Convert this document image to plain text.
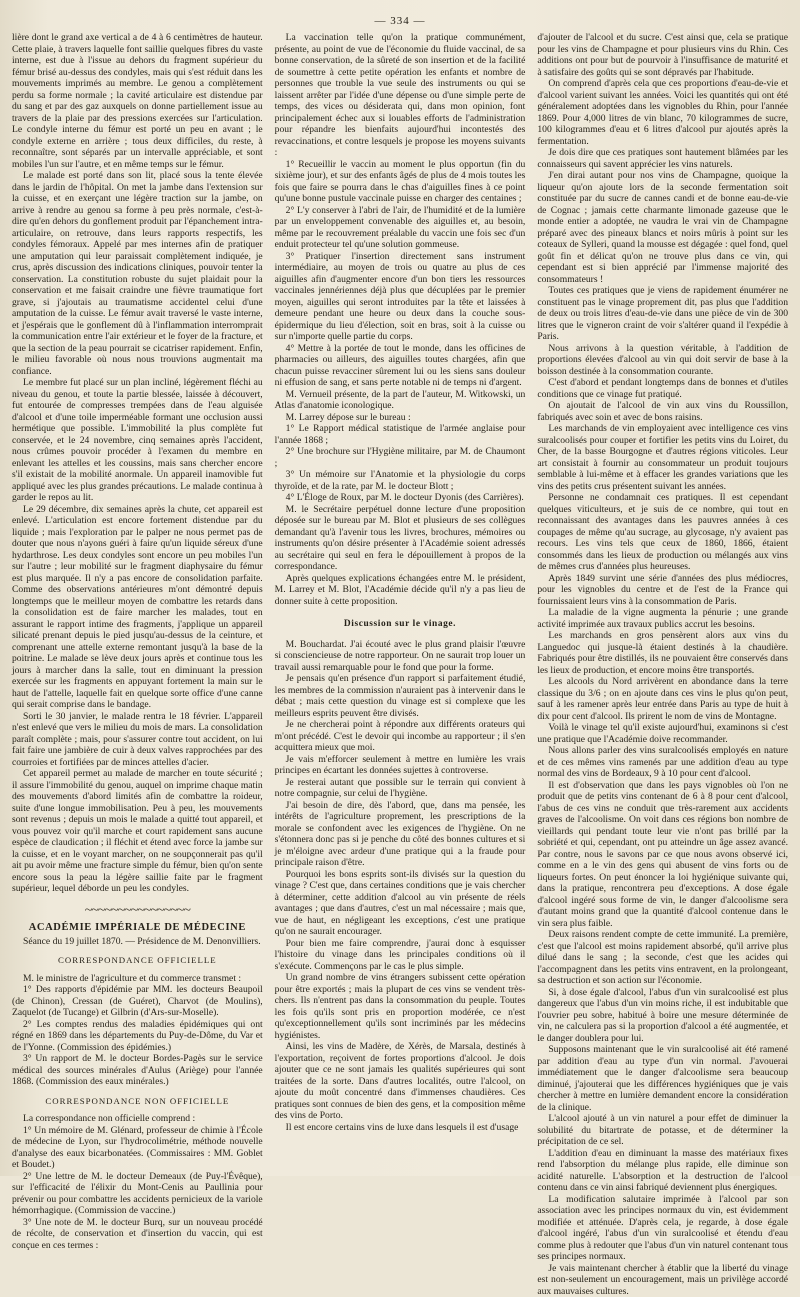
— 334 —

lière dont le grand axe vertical a de 4 à 6 centimètres de hauteur. Cette plaie, à travers laquelle font saillie quelques fibres du vaste interne, est due à l'issue au dehors du fragment supérieur du fémur brisé au-dessus des condyles, mais qui s'est réduit dans les mouvements imprimés au membre. Le genou a complètement perdu sa forme normale ; la cavité articulaire est distendue par du sang et par des gaz auxquels on donne partiellement issue au travers de la plaie par des pressions exercées sur l'articulation. Le condyle interne du fémur est porté un peu en avant ; le condyle externe en arrière ; tous deux difficiles, du reste, à reconnaître, sont séparés par un intervalle appréciable, et sont mobiles l'un sur l'autre, et en même temps sur le fémur.

Le malade est porté dans son lit, placé sous la tente élevée dans le jardin de l'hôpital. On met la jambe dans l'extension sur la cuisse, et en exerçant une légère traction sur la jambe, on arrive à rendre au genou sa forme à peu près normale, c'est-à-dire qu'en dehors du gonflement produit par l'épanchement intra-articulaire, on retrouve, dans leurs rapports respectifs, les condyles fémoraux. Appelé par mes internes afin de pratiquer une amputation qui leur paraissait complètement indiquée, je crus, après discussion des indications cliniques, pouvoir tenter la conservation. La constitution robuste du sujet plaidait pour la conservation et me faisait craindre une fièvre traumatique fort grave, si j'ajoutais au traumatisme accidentel celui d'une amputation de la cuisse. Le fémur avait traversé le vaste interne, et j'espérais que le gonflement dû à l'inflammation interromprait la communication entre l'air extérieur et le foyer de la fracture, et que la section de la peau pourrait se cicatriser rapidement. Enfin, le milieu favorable où nous nous trouvions augmentait ma confiance.

Le membre fut placé sur un plan incliné, légèrement fléchi au niveau du genou, et toute la partie blessée, laissée à découvert, fut entourée de compresses trempées dans de l'eau alguisée d'alcool et d'une toile imperméable formant une occlusion aussi hermétique que possible. L'immobilité la plus complète fut conservée, et le 24 novembre, cinq semaines après l'accident, nous crûmes pouvoir procéder à l'examen du membre en enlevant les attelles et les coussins, mais sans chercher encore s'il existait de la mobilité anormale. Un appareil inamovible fut appliqué avec les plus grandes précautions. Le malade continua à garder le repos au lit.

Le 29 décembre, dix semaines après la chute, cet appareil est enlevé. L'articulation est encore fortement distendue par du liquide ; mais l'exploration par le palper ne nous permet pas de douter que nous n'ayons guéri à faire qu'un liquide séreux d'une hydarthrose. Les deux condyles sont encore un peu mobiles l'un sur l'autre ; leur mobilité sur le fragment diaphysaire du fémur est plus marquée. Il n'y a pas encore de consolidation parfaite. Comme des observations antérieures m'ont démontré depuis longtemps que le meilleur moyen de combattre les retards dans la consolidation est de faire marcher les malades, tout en assurant le rapport intime des fragments, j'applique un appareil silicaté prenant depuis le pied jusqu'au-dessus de la ceinture, et comprenant une attelle externe remontant jusqu'à la base de la poitrine. Le malade se lève deux jours après et continue tous les jours à marcher dans la salle, tout en diminuant la pression exercée sur les fragments en appuyant fortement la main sur le haut de l'attelle, laquelle fait en quelque sorte office d'une canne qui serait comprise dans le bandage.

Sorti le 30 janvier, le malade rentra le 18 février. L'appareil n'est enlevé que vers le milieu du mois de mars. La consolidation paraît complète ; mais, pour s'assurer contre tout accident, on lui fait faire une jambière de cuir à deux valves rapprochées par des courroies et fortifiées par de minces attelles d'acier.

Cet appareil permet au malade de marcher en toute sécurité ; il assure l'immobilité du genou, auquel on imprime chaque matin des mouvements d'abord limités afin de combattre la roideur, suite d'une longue immobilisation. Peu à peu, les mouvements sont revenus ; depuis un mois le malade a quitté tout appareil, et vous pouvez voir qu'il marche et court rapidement sans aucune espèce de claudication ; il fléchit et étend avec force la jambe sur la cuisse, et en le voyant marcher, on ne soupçonnerait pas qu'il ait pu avoir même une fracture simple du fémur, bien qu'on sente encore sous la peau la légère saillie faite par le fragment supérieur, lequel déborde un peu les condyles.

~~~~~~~~~~~~~~~~
ACADÉMIE IMPÉRIALE DE MÉDECINE

Séance du 19 juillet 1870. — Présidence de M. Denonvilliers.

CORRESPONDANCE OFFICIELLE

M. le ministre de l'agriculture et du commerce transmet :

1° Des rapports d'épidémie par MM. les docteurs Beaupoil (de Chinon), Cressan (de Guéret), Charvot (de Moulins), Zaquelot (de Tucange) et Gilbrin (d'Ars-sur-Moselle).

2° Les comptes rendus des maladies épidémiques qui ont régné en 1869 dans les départements du Puy-de-Dôme, du Var et de l'Yonne. (Commission des épidémies.)

3° Un rapport de M. le docteur Bordes-Pagès sur le service médical des sources minérales d'Aulus (Ariège) pour l'année 1868. (Commission des eaux minérales.)

CORRESPONDANCE NON OFFICIELLE

La correspondance non officielle comprend :

1° Un mémoire de M. Glénard, professeur de chimie à l'École de médecine de Lyon, sur l'hydrocolimétrie, méthode nouvelle d'analyse des eaux bicarbonatées. (Commissaires : MM. Goblet et Boudet.)

2° Une lettre de M. le docteur Demeaux (de Puy-l'Évêque), sur l'efficacité de l'élixir du Mont-Cenis au Paullinia pour prévenir ou pour combattre les accidents pernicieux de la variole hémorrhagique. (Commission de vaccine.)

3° Une note de M. le docteur Burq, sur un nouveau procédé de récolte, de conservation et d'insertion du vaccin, qui est conçue en ces termes :

La vaccination telle qu'on la pratique communément, présente, au point de vue de l'économie du fluide vaccinal, de sa bonne conservation, de la sûreté de son insertion et de la facilité de soumettre à cette petite opération les enfants et nombre de personnes que trouble la vue seule des instruments ou qui se laissent arrêter par l'idée d'une dépense ou d'une simple perte de temps, des vices ou désiderata qui, dans mon opinion, font principalement échec aux si louables efforts de l'administration pour répandre les bienfaits aujourd'hui incontestés des revaccinations, et contre lesquels je propose les moyens suivants :

1° Recueillir le vaccin au moment le plus opportun (fin du sixième jour), et sur des enfants âgés de plus de 4 mois toutes les fois que faire se pourra dans le chas d'aiguilles fines à ce point qu'une bonne pustule vaccinale puisse en charger des centaines ;

2° L'y conserver à l'abri de l'air, de l'humidité et de la lumière par un enveloppement convenable des aiguilles et, au besoin, même par le recouvrement préalable du vaccin une fois sec d'un enduit protecteur tel qu'une solution gommeuse.

3° Pratiquer l'insertion directement sans instrument intermédiaire, au moyen de trois ou quatre au plus de ces aiguilles afin d'augmenter encore d'un bon tiers les ressources vaccinales jennériennes déjà plus que décuplées par le premier moyen, aiguilles qui seront introduites par la tête et laissées à demeure pendant une heure ou deux dans la couche sous-épidermique du lieu d'élection, soit en bras, soit à la cuisse ou sur n'importe quelle partie du corps.

4° Mettre à la portée de tout le monde, dans les officines de pharmacies ou ailleurs, des aiguilles toutes chargées, afin que chacun puisse revacciner sûrement lui ou les siens sans douleur ni effusion de sang, et sans perte notable ni de temps ni d'argent.

M. Vernueil présente, de la part de l'auteur, M. Witkowski, un Atlas d'anatomie iconologique.

M. Larrey dépose sur le bureau :

1° Le Rapport médical statistique de l'armée anglaise pour l'année 1868 ;

2° Une brochure sur l'Hygiène militaire, par M. de Chaumont ;

3° Un mémoire sur l'Anatomie et la physiologie du corps thyroïde, et de la rate, par M. le docteur Blott ;

4° L'Éloge de Roux, par M. le docteur Dyonis (des Carrières).

M. le Secrétaire perpétuel donne lecture d'une proposition déposée sur le bureau par M. Blot et plusieurs de ses collègues demandant qu'à l'avenir tous les livres, brochures, mémoires ou instruments qu'on désire présenter à l'Académie soient adressés au secrétaire qui seul en fera le dépouillement à propos de la correspondance.

Après quelques explications échangées entre M. le président, M. Larrey et M. Blot, l'Académie décide qu'il n'y a pas lieu de donner suite à cette proposition.

Discussion sur le vinage.

M. Bouchardat. J'ai écouté avec le plus grand plaisir l'œuvre si consciencieuse de notre rapporteur. On ne saurait trop louer un travail aussi remarquable pour le fond que pour la forme.

Je pensais qu'en présence d'un rapport si parfaitement étudié, les membres de la commission n'auraient pas à intervenir dans le débat ; mais cette question du vinage est si complexe que les meilleurs esprits peuvent être divisés.

Je ne chercherai point à répondre aux différents orateurs qui m'ont précédé. C'est le devoir qui incombe au rapporteur ; il s'en acquittera mieux que moi.

Je vais m'efforcer seulement à mettre en lumière les vrais principes en écartant les données sujettes à controverse.

Je resterai autant que possible sur le terrain qui convient à notre compagnie, sur celui de l'hygiène.

J'ai besoin de dire, dès l'abord, que, dans ma pensée, les intérêts de l'agriculture proprement, les prescriptions de la morale se confondent avec les exigences de l'hygiène. On ne s'étonnera donc pas si je penche du côté des bonnes cultures et si je m'éloigne avec ardeur d'une pratique qui a la fraude pour principale raison d'être.

Pourquoi les bons esprits sont-ils divisés sur la question du vinage ? C'est que, dans certaines conditions que je vais chercher à déterminer, cette addition d'alcool au vin présente de réels avantages ; que dans d'autres, c'est un mal nécessaire ; mais que, vue de haut, en négligeant les exceptions, c'est une pratique qu'on ne saurait encourager.

Pour bien me faire comprendre, j'aurai donc à esquisser l'histoire du vinage dans les principales conditions où il s'exécute. Commençons par le cas le plus simple.

Un grand nombre de vins étrangers subissent cette opération pour être exportés ; mais la plupart de ces vins se vendent très-chers. Ils n'entrent pas dans la consommation du peuple. Toutes les fois qu'ils sont pris en proportion modérée, ce n'est qu'exceptionnellement qu'ils sont incriminés par les médecins hygiénistes.

Ainsi, les vins de Madère, de Xérès, de Marsala, destinés à l'exportation, reçoivent de fortes proportions d'alcool. Je dois ajouter que ce ne sont jamais les qualités supérieures qui sont traitées de la sorte. Dans d'autres localités, outre l'alcool, on ajoute du moût concentré dans d'immenses chaudières. Ces pratiques sont connues de bien des gens, et la composition même des vins de Porto.

Il est encore certains vins de luxe dans lesquels il est d'usage

d'ajouter de l'alcool et du sucre. C'est ainsi que, cela se pratique pour les vins de Champagne et pour plusieurs vins du Rhin. Ces additions ont pour but de pourvoir à l'insuffisance de maturité et à satisfaire des goûts qui se sont dépravés par l'habitude.

On comprend d'après cela que ces proportions d'eau-de-vie et d'alcool varient suivant les années. Voici les quantités qui ont été généralement adoptées dans les vignobles du Rhin, pour l'année 1869. Pour 4,000 litres de vin blanc, 70 kilogrammes de sucre, 100 kilogrammes d'eau et 6 litres d'alcool pur ajoutés après la fermentation.

Je dois dire que ces pratiques sont hautement blâmées par les connaisseurs qui savent apprécier les vins naturels.

J'en dirai autant pour nos vins de Champagne, quoique la liqueur qu'on ajoute lors de la seconde fermentation soit constituée par du sucre de cannes candi et de bonne eau-de-vie de Cognac ; jamais cette charmante limonade gazeuse que le monde entier a adoptée, ne vaudra le vrai vin de Champagne préparé avec des pineaux blancs et noirs mûris à point sur les coteaux de Sylleri, quand la mousse est dégagée : quel fond, quel goût fin et délicat qu'on ne trouve plus dans ce vin, qui cependant est si bien apprécié par l'immense majorité des consommateurs !

Toutes ces pratiques que je viens de rapidement énumérer ne constituent pas le vinage proprement dit, pas plus que l'addition de deux ou trois litres d'eau-de-vie dans une pièce de vin de 300 litres que le vigneron craint de voir s'altérer quand il l'expédie à Paris.

Nous arrivons à la question véritable, à l'addition de proportions élevées d'alcool au vin qui doit servir de base à la boisson destinée à la consommation courante.

C'est d'abord et pendant longtemps dans de bonnes et d'utiles conditions que ce vinage fut pratiqué.

On ajoutait de l'alcool de vin aux vins du Roussillon, fabriqués avec soin et avec de bons raisins.

Les marchands de vin employaient avec intelligence ces vins suralcoolisés pour couper et fortifier les petits vins du Loiret, du Cher, de la basse Bourgogne et d'autres régions viticoles. Leur art consistait à fournir au consommateur un produit toujours semblable à lui-même et à effacer les grandes variations que les vins des petits crus présentent suivant les années.

Personne ne condamnait ces pratiques. Il est cependant quelques viticulteurs, et je suis de ce nombre, qui tout en reconnaissant des avantages dans les pauvres années à ces coupages de même qu'au sucrage, au glycosage, n'y avaient pas recours. Les vins tels que ceux de 1860, 1866, étaient consommés dans les lieux de production ou mélangés aux vins de mêmes crus d'années plus heureuses.

Après 1849 survint une série d'années des plus médiocres, pour les vignobles du centre et de l'est de la France qui fournissaient leurs vins à la consommation de Paris.

La maladie de la vigne augmenta la pénurie ; une grande activité imprimée aux travaux publics accrut les besoins.

Les marchands en gros pensèrent alors aux vins du Languedoc qui jusque-là étaient destinés à la chaudière. Fabriqués pour être distillés, ils ne pouvaient être conservés dans les lieux de production, et encore moins être transportés.

Les alcools du Nord arrivèrent en abondance dans la terre classique du 3/6 ; on en ajoute dans ces vins le plus qu'on peut, sauf à les ramener après leur entrée dans Paris au type de huit à dix pour cent d'alcool. Ils prirent le nom de vins de Montagne.

Voilà le vinage tel qu'il existe aujourd'hui, examinons si c'est une pratique que l'Académie doive recommander.

Nous allons parler des vins suralcoolisés employés en nature et de ces mêmes vins ramenés par une addition d'eau au type normal des vins de Bordeaux, 9 à 10 pour cent d'alcool.

Il est d'observation que dans les pays vignobles où l'on ne produit que de petits vins contenant de 6 à 8 pour cent d'alcool, l'abus de ces vins ne conduit que très-rarement aux accidents graves de l'alcoolisme. On voit dans ces régions bon nombre de vieillards qui pendant toute leur vie n'ont pas brillé par la sobriété et qui, cependant, ont pu atteindre un âge assez avancé. Par contre, nous le savons par ce que nous avons observé ici, comme en a le vin des gens qui abusent de vins forts ou de liqueurs fortes. On peut énoncer la loi hygiénique suivante qui, dans la pratique, rencontrera peu d'exceptions. A dose égale d'alcool ingéré sous forme de vin, le danger d'alcoolisme sera d'autant moins grand que la quantité d'alcool contenue dans le vin sera plus faible.

Deux raisons rendent compte de cette immunité. La première, c'est que l'alcool est moins rapidement absorbé, qu'il arrive plus dilué dans le sang ; la seconde, c'est que les acides qui l'accompagnent dans les petits vins entravent, en la prolongeant, sa destruction et son action sur l'économie.

Si, à dose égale d'alcool, l'abus d'un vin suralcoolisé est plus dangereux que l'abus d'un vin moins riche, il est indubitable que l'ouvrier peu sobre, habitué à boire une mesure déterminée de vin, ne calculera pas si la proportion d'alcool a été augmentée, et le danger doublera pour lui.

Supposons maintenant que le vin suralcoolisé ait été ramené par addition d'eau au type d'un vin normal. J'avouerai immédiatement que le danger d'alcoolisme sera beaucoup diminué, j'ajouterai que les différences hygiéniques que je vais chercher à mettre en lumière demandent encore la considération de la clinique.

L'alcool ajouté à un vin naturel a pour effet de diminuer la solubilité du bitartrate de potasse, et de déterminer la précipitation de ce sel.

L'addition d'eau en diminuant la masse des matériaux fixes rend l'absorption du mélange plus rapide, elle diminue son acidité naturelle. L'absorption et la destruction de l'alcool contenu dans ce vin ainsi fabriqué deviennent plus énergiques.

La modification salutaire imprimée à l'alcool par son association avec les principes normaux du vin, est évidemment modifiée et atténuée. D'après cela, je regarde, à dose égale d'alcool ingéré, l'abus d'un vin suralcoolisé et étendu d'eau comme plus à redouter que l'abus d'un vin naturel contenant tous ses principes normaux.

Je vais maintenant chercher à établir que la liberté du vinage est non-seulement un encouragement, mais un privilège accordé aux mauvaises cultures.
